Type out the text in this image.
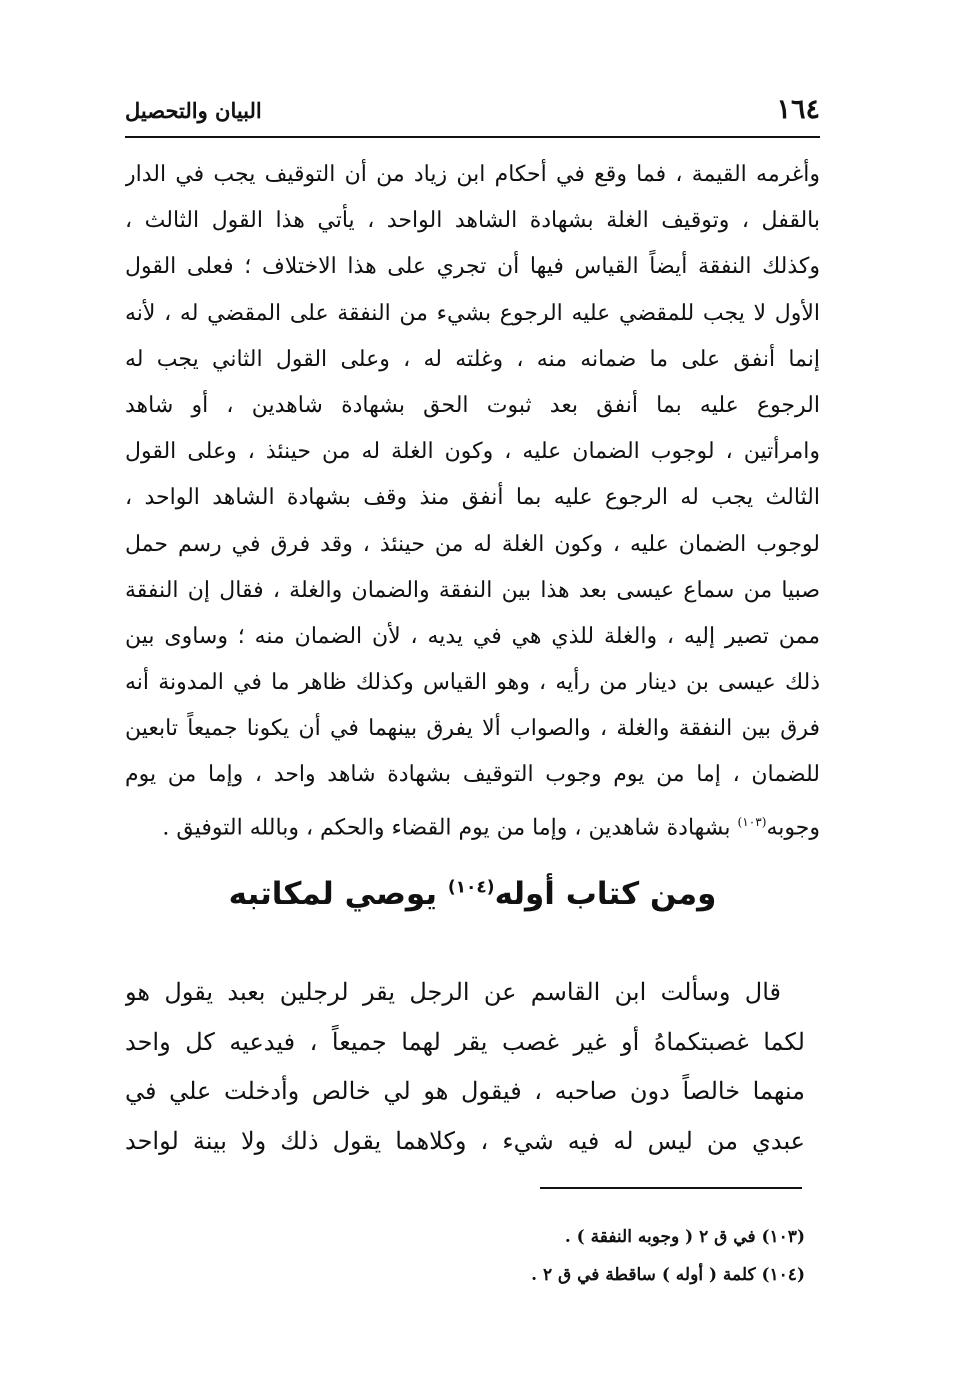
١٦٤
البيان والتحصيل
وأغرمه القيمة ، فما وقع في أحكام ابن زياد من أن التوقيف يجب في الدار
بالقفل ، وتوقيف الغلة بشهادة الشاهد الواحد ، يأتي هذا القول الثالث ،
وكذلك النفقة أيضاً القياس فيها أن تجري على هذا الاختلاف ؛ فعلى القول
الأول لا يجب للمقضي عليه الرجوع بشيء من النفقة على المقضي له ، لأنه
إنما أنفق على ما ضمانه منه ، وغلته له ، وعلى القول الثاني يجب له
الرجوع عليه بما أنفق بعد ثبوت الحق بشهادة شاهدين ، أو شاهد
وامرأتين ، لوجوب الضمان عليه ، وكون الغلة له من حينئذ ، وعلى القول
الثالث يجب له الرجوع عليه بما أنفق منذ وقف بشهادة الشاهد الواحد ،
لوجوب الضمان عليه ، وكون الغلة له من حينئذ ، وقد فرق في رسم حمل
صبيا من سماع عيسى بعد هذا بين النفقة والضمان والغلة ، فقال إن النفقة
ممن تصير إليه ، والغلة للذي هي في يديه ، لأن الضمان منه ؛ وساوى بين
ذلك عيسى بن دينار من رأيه ، وهو القياس وكذلك ظاهر ما في المدونة أنه
فرق بين النفقة والغلة ، والصواب ألا يفرق بينهما في أن يكونا جميعاً تابعين
للضمان ، إما من يوم وجوب التوقيف بشهادة شاهد واحد ، وإما من يوم
وجوبه$^{(١٠٣)}$ بشهادة شاهدين ، وإما من يوم القضاء والحكم ، وبالله التوفيق .
ومن كتاب أوله$^{(١٠٤)}$ يوصي لمكاتبه
قال وسألت ابن القاسم عن الرجل يقر لرجلين بعبد يقول هو
لكما غصبتكماهُ أو غير غصب يقر لهما جميعاً ، فيدعيه كل واحد
منهما خالصاً دون صاحبه ، فيقول هو لي خالص وأدخلت علي في
عبدي من ليس له فيه شيء ، وكلاهما يقول ذلك ولا بينة لواحد
(١٠٣) في ق ٢ ( وجوبه النفقة ) .
(١٠٤) كلمة ( أوله ) ساقطة في ق ٢ .
